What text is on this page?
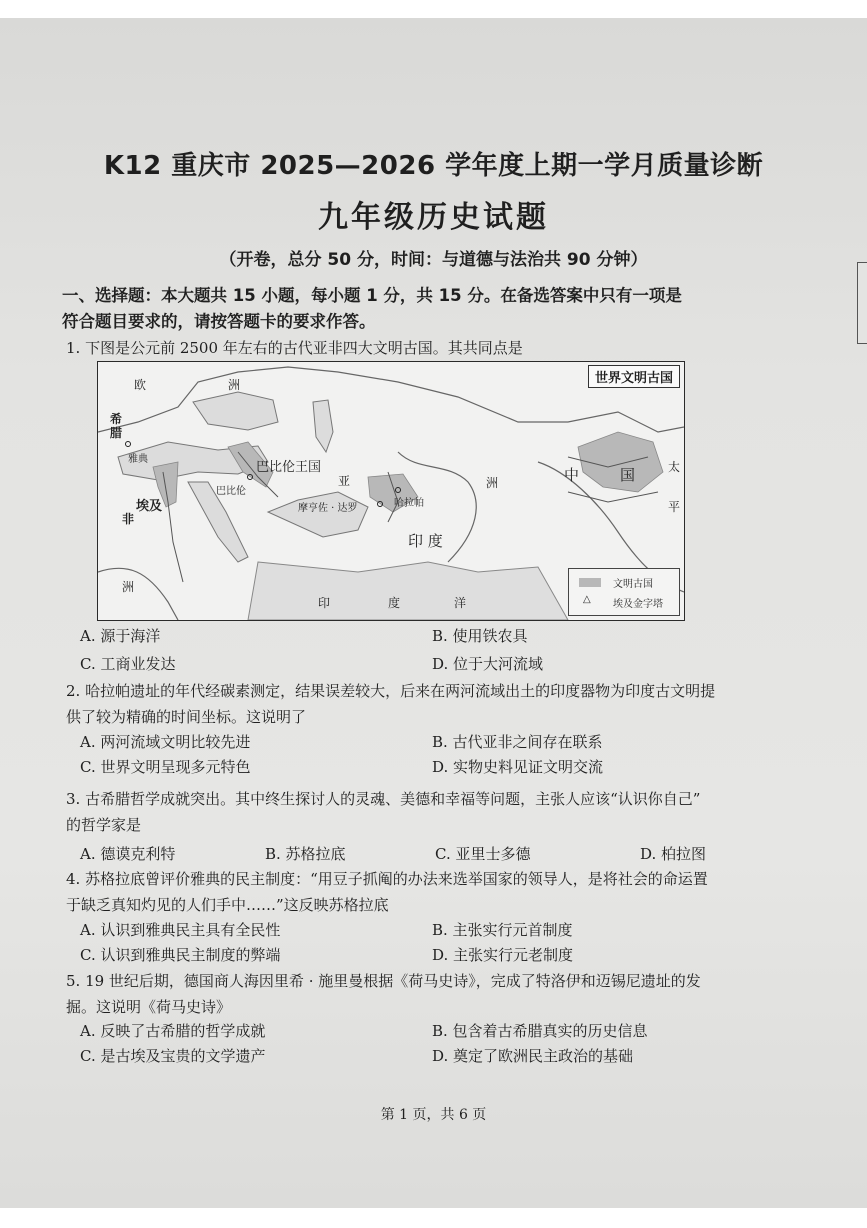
K12 重庆市 2025—2026 学年度上期一学月质量诊断
九年级历史试题
（开卷，总分 50 分，时间：与道德与法治共 90 分钟）
一、选择题：本大题共 15 小题，每小题 1 分，共 15 分。在备选答案中只有一项是
符合题目要求的，请按答题卡的要求作答。
1. 下图是公元前 2500 年左右的古代亚非四大文明古国。其共同点是
世界文明古国
欧	洲
希
腊
雅典
埃及
非
巴比伦王国
巴比伦
亚
摩亨佐 · 达罗	哈拉帕
印 度
印	度	洋
洲	中	国	太
平
洲	文明古国
△ 埃及金字塔
A. 源于海洋	B. 使用铁农具
C. 工商业发达	D. 位于大河流域
2. 哈拉帕遗址的年代经碳素测定，结果误差较大，后来在两河流域出土的印度器物为印度古文明提
供了较为精确的时间坐标。这说明了
A. 两河流域文明比较先进	B. 古代亚非之间存在联系
C. 世界文明呈现多元特色	D. 实物史料见证文明交流
3. 古希腊哲学成就突出。其中终生探讨人的灵魂、美德和幸福等问题，主张人应该“认识你自己”
的哲学家是
A. 德谟克利特	B. 苏格拉底	C. 亚里士多德	D. 柏拉图
4. 苏格拉底曾评价雅典的民主制度：“用豆子抓阄的办法来选举国家的领导人，是将社会的命运置
于缺乏真知灼见的人们手中……”这反映苏格拉底
A. 认识到雅典民主具有全民性	B. 主张实行元首制度
C. 认识到雅典民主制度的弊端	D. 主张实行元老制度
5. 19 世纪后期，德国商人海因里希 · 施里曼根据《荷马史诗》，完成了特洛伊和迈锡尼遗址的发
掘。这说明《荷马史诗》
A. 反映了古希腊的哲学成就	B. 包含着古希腊真实的历史信息
C. 是古埃及宝贵的文学遗产	D. 奠定了欧洲民主政治的基础
第 1 页，共 6 页
